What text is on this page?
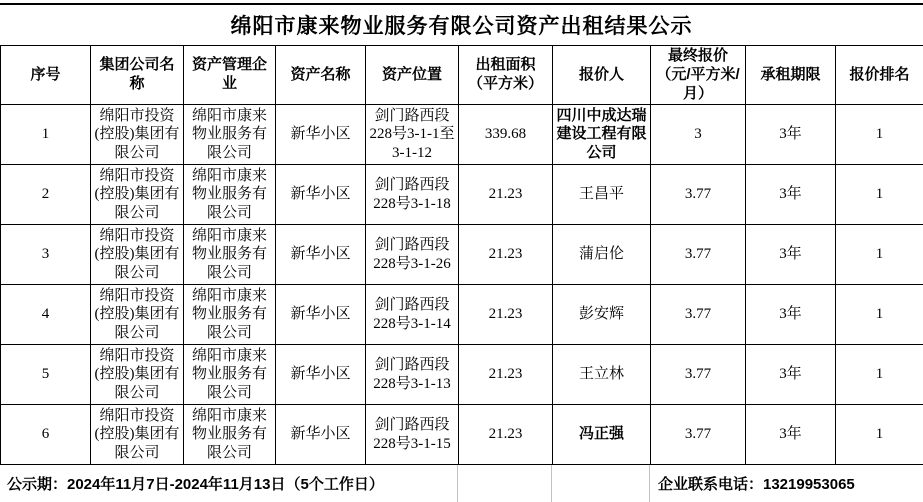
绵阳市康来物业服务有限公司资产出租结果公示
序号	集团公司名称	资产管理企业	资产名称	资产位置	出租面积（平方米）	报价人	最终报价（元/平方米/月）	承租期限	报价排名
1	绵阳市投资(控股)集团有限公司	绵阳市康来物业服务有限公司	新华小区	剑门路西段228号3-1-1至3-1-12	339.68	四川中成达瑞建设工程有限公司	3	3年	1
2	绵阳市投资(控股)集团有限公司	绵阳市康来物业服务有限公司	新华小区	剑门路西段228号3-1-18	21.23	王昌平	3.77	3年	1
3	绵阳市投资(控股)集团有限公司	绵阳市康来物业服务有限公司	新华小区	剑门路西段228号3-1-26	21.23	蒲启伦	3.77	3年	1
4	绵阳市投资(控股)集团有限公司	绵阳市康来物业服务有限公司	新华小区	剑门路西段228号3-1-14	21.23	彭安辉	3.77	3年	1
5	绵阳市投资(控股)集团有限公司	绵阳市康来物业服务有限公司	新华小区	剑门路西段228号3-1-13	21.23	王立林	3.77	3年	1
6	绵阳市投资(控股)集团有限公司	绵阳市康来物业服务有限公司	新华小区	剑门路西段228号3-1-15	21.23	冯正强	3.77	3年	1
公示期：2024年11月7日-2024年11月13日（5个工作日）	企业联系电话：13219953065
